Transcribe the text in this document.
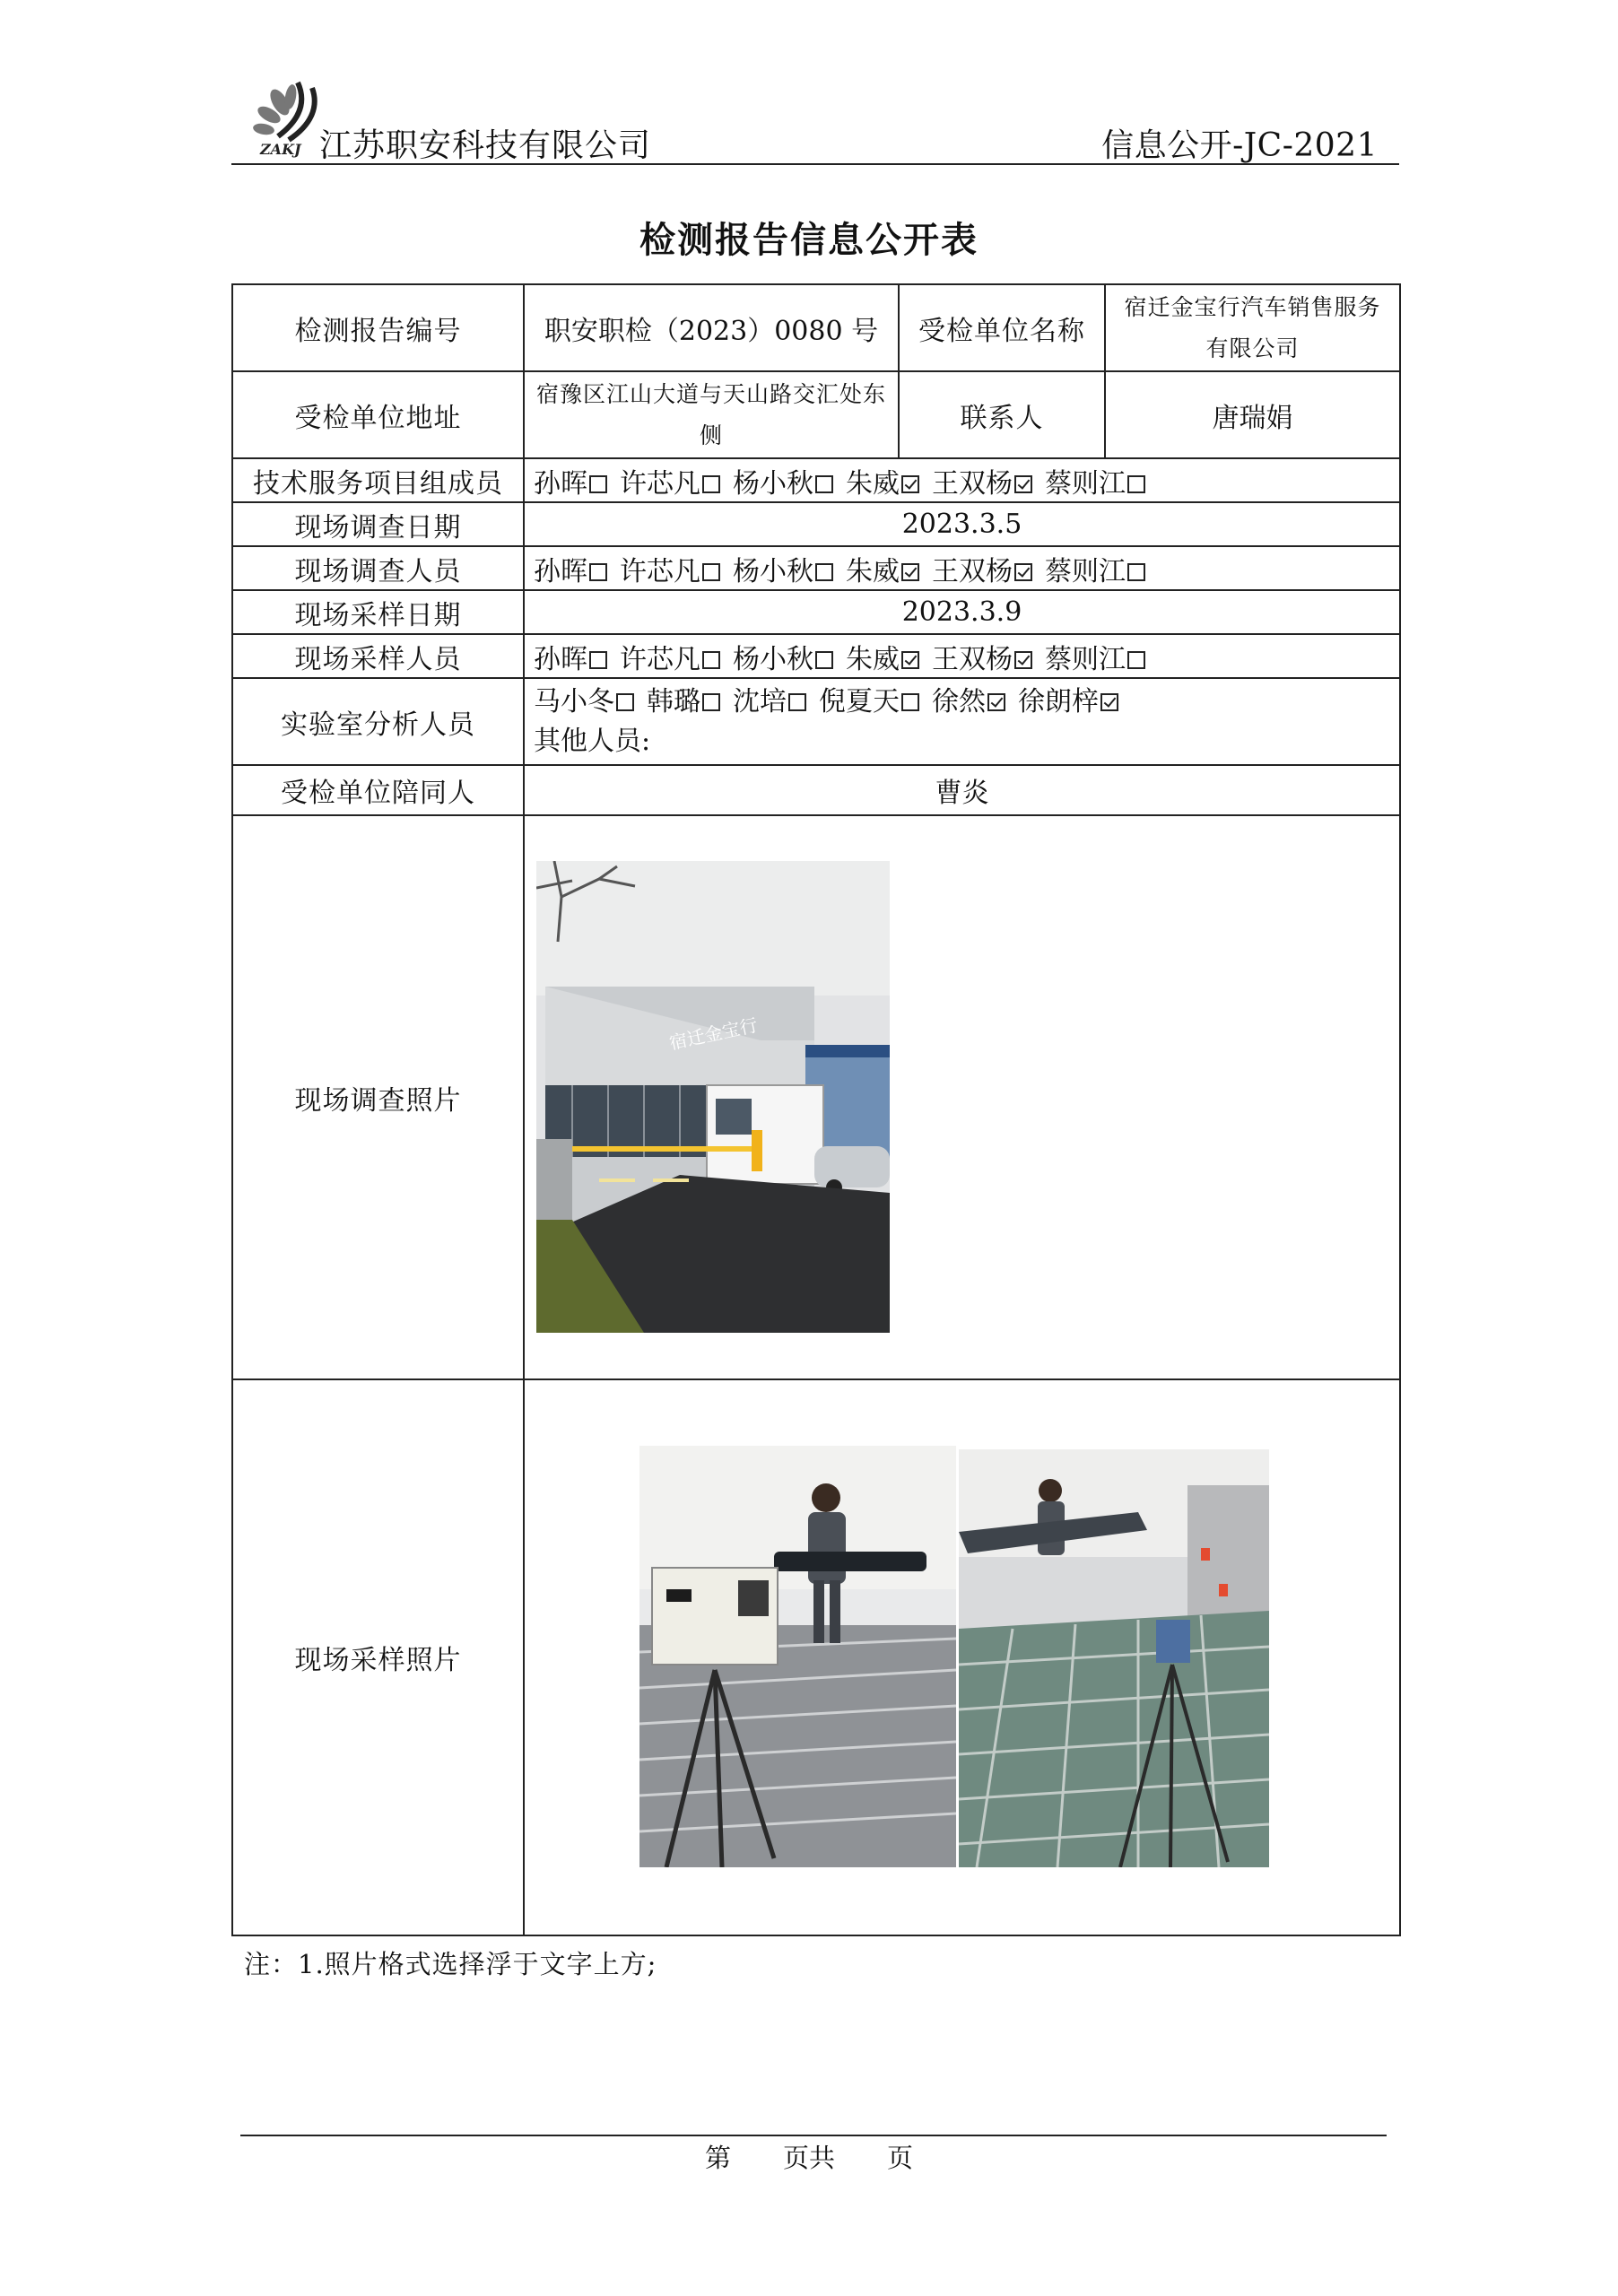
ZAKJ 江苏职安科技有限公司	信息公开-JC-2021
检测报告信息公开表
检测报告编号	职安职检（2023）0080 号	受检单位名称	宿迁金宝行汽车销售服务有限公司
受检单位地址	宿豫区江山大道与天山路交汇处东侧	联系人	唐瑞娟
技术服务项目组成员	孙晖 许芯凡 杨小秋 朱威 王双杨 蔡则江		
现场调查日期	2023.3.5		
现场调查人员	孙晖 许芯凡 杨小秋 朱威 王双杨 蔡则江		
现场采样日期	2023.3.9		
现场采样人员	孙晖 许芯凡 杨小秋 朱威 王双杨 蔡则江		
实验室分析人员	马小冬 韩璐 沈培 倪夏天 徐然 徐朗梓
其他人员:		

受检单位陪同人	曹炎		
现场调查照片			
现场采样照片			
宿迁金宝行
注：1.照片格式选择浮于文字上方;
第　　页共　　页
